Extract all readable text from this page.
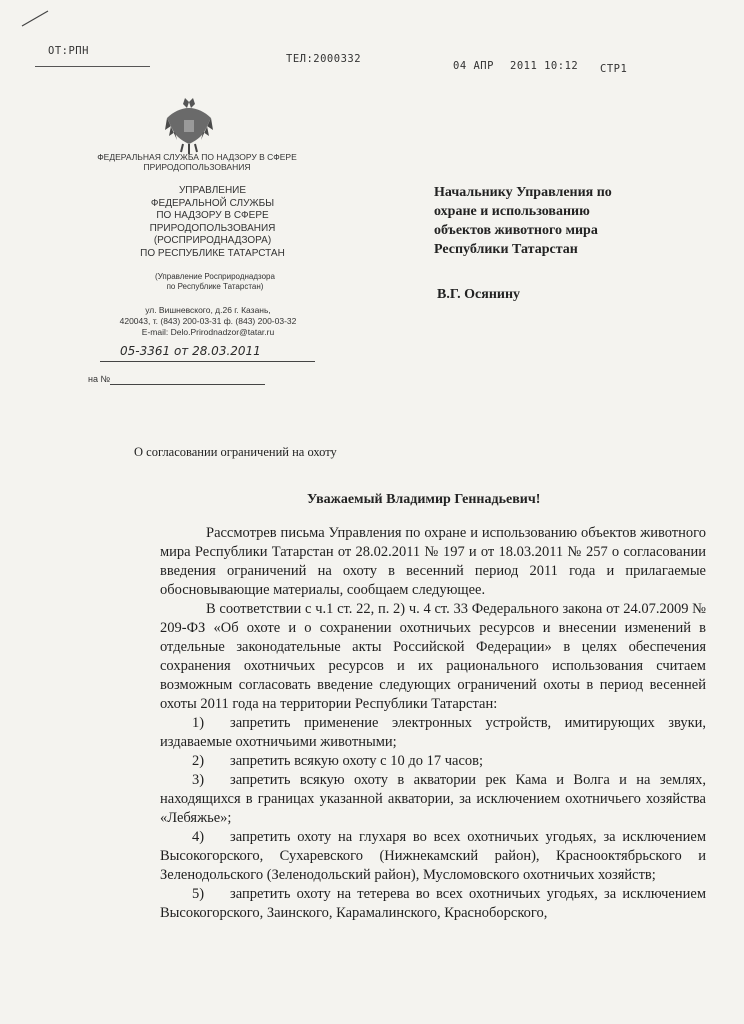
ОТ:РПН
ТЕЛ:2000332
04 АПР 2011 10:12 СТР1
ФЕДЕРАЛЬНАЯ СЛУЖБА ПО НАДЗОРУ В СФЕРЕ ПРИРОДОПОЛЬЗОВАНИЯ
УПРАВЛЕНИЕ
ФЕДЕРАЛЬНОЙ СЛУЖБЫ
ПО НАДЗОРУ В СФЕРЕ
ПРИРОДОПОЛЬЗОВАНИЯ
(РОСПРИРОДНАДЗОРА)
ПО РЕСПУБЛИКЕ ТАТАРСТАН
(Управление Росприроднадзора
по Республике Татарстан)
ул. Вишневского, д.26 г. Казань,
420043, т. (843) 200-03-31 ф. (843) 200-03-32
E-mail: Delo.Prirodnadzor@tatar.ru
05-3361 от 28.03.2011
на №
Начальнику Управления по
охране и использованию
объектов животного мира
Республики Татарстан
В.Г. Осянину
О согласовании ограничений на охоту
Уважаемый Владимир Геннадьевич!

Рассмотрев письма Управления по охране и использованию объектов животного мира Республики Татарстан от 28.02.2011 № 197 и от 18.03.2011 № 257 о согласовании введения ограничений на охоту в весенний период 2011 года и прилагаемые обосновывающие материалы, сообщаем следующее.

В соответствии с ч.1 ст. 22, п. 2) ч. 4 ст. 33 Федерального закона от 24.07.2009 № 209-ФЗ «Об охоте и о сохранении охотничьих ресурсов и внесении изменений в отдельные законодательные акты Российской Федерации» в целях обеспечения сохранения охотничьих ресурсов и их рационального использования считаем возможным согласовать введение следующих ограничений охоты в период весенней охоты 2011 года на территории Республики Татарстан:

1) запретить применение электронных устройств, имитирующих звуки, издаваемые охотничьими животными;

2) запретить всякую охоту с 10 до 17 часов;

3) запретить всякую охоту в акватории рек Кама и Волга и на землях, находящихся в границах указанной акватории, за исключением охотничьего хозяйства «Лебяжье»;

4) запретить охоту на глухаря во всех охотничьих угодьях, за исключением Высокогорского, Сухаревского (Нижнекамский район), Краснооктябрьского и Зеленодольского (Зеленодольский район), Мусломовского охотничьих хозяйств;

5) запретить охоту на тетерева во всех охотничьих угодьях, за исключением Высокогорского, Заинского, Карамалинского, Красноборского,
